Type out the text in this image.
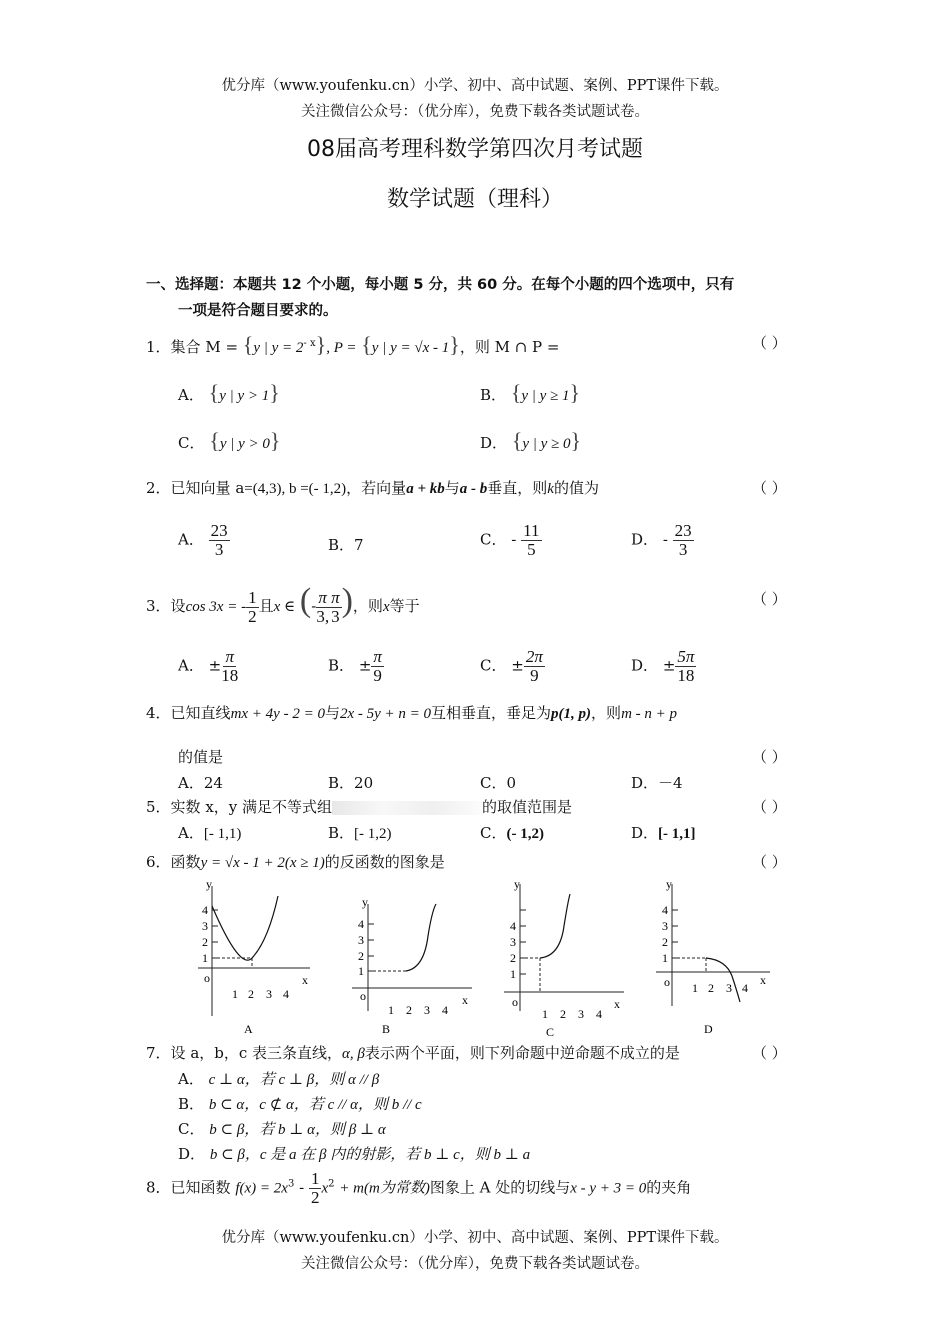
优分库（www.youfenku.cn）小学、初中、高中试题、案例、PPT课件下载。
关注微信公众号：（优分库），免费下载各类试题试卷。
08届高考理科数学第四次月考试题
数学试题（理科）
一、选择题：本题共 12 个小题，每小题 5 分，共 60 分。在每个小题的四个选项中，只有
一项是符合题目要求的。
1．集合 M = {y | $y = 2^{- x}$}, P = {y | y = √x - 1}，则 M ∩ P =	（ ）
A． {y | y > 1}	B． {y | y ≥ 1}
C． {y | y > 0}	D． {y | y ≥ 0}
2．已知向量 a=(4,3), b =(- 1,2)，若向量a + kb与a - b垂直，则k的值为	（ ）
A． $\frac{23}{3}$	B．7	C． - $\frac{11}{5}$	D． - $\frac{23}{3}$
3．设cos 3x = - $\frac{1}{2}$ 且x ∈ (- $\frac{\pi}{3,} \frac{\pi}{3}$ )，则x等于	（ ）
A． ± $\frac{\pi}{18}$	B． ± $\frac{\pi}{9}$	C． ± $\frac{2\pi}{9}$	D． ± $\frac{5\pi}{18}$
4．已知直线mx + 4y - 2 = 0与2x - 5y + n = 0互相垂直，垂足为p(1, p)，则m - n + p
的值是	（ ）
A．24	B．20	C．0	D．－4
5．实数 x，y 满足不等式组	的取值范围是	（ ）
A．[- 1,1)	B．[- 1,2)	C．(- 1,2)	D．[- 1,1]
6．函数y = √x - 1 + 2(x ≥ 1)的反函数的图象是	（ ）
y
x
o
1
2
3
4
1 2 3 4
A
y
x
o
1
2
3
4
1 2 3 4
B
y
x
o
1
2
3
4
1 2 3 4
C
y
x
o
1
2
3
4
1 2 3 4
D
7．设 a，b，c 表三条直线，α, β表示两个平面，则下列命题中逆命题不成立的是	（ ）
A． c ⊥ α，若 c ⊥ β，则 α // β
B． b ⊂ α，c ⊄ α，若 c // α，则 b // c
C． b ⊂ β，若 b ⊥ α，则 β ⊥ α
D． b ⊂ β，c 是 a 在 β 内的射影，若 b ⊥ c，则 b ⊥ a
8．已知函数 $f(x) = 2x^3 - \frac{1}{2} x^2 + m(m$为常数)图象上 A 处的切线与x - y + 3 = 0的夹角
优分库（www.youfenku.cn）小学、初中、高中试题、案例、PPT课件下载。
关注微信公众号：（优分库），免费下载各类试题试卷。
